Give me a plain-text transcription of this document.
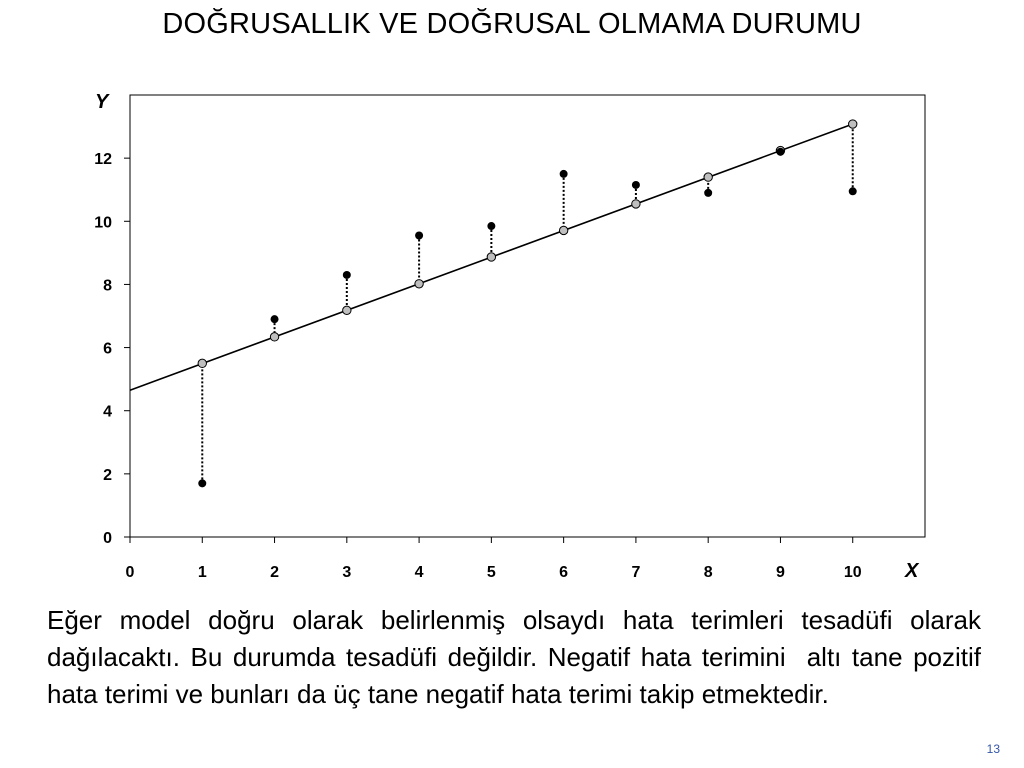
DOĞRUSALLIK VE DOĞRUSAL OLMAMA DURUMU
0	1	2	3	4	5	6	7	8	9	10
0
2
4
6
8
10
12
Y
X
Eğer model doğru olarak belirlenmiş olsaydı hata terimleri tesadüfi olarak dağılacaktı. Bu durumda tesadüfi değildir. Negatif hata terimini  altı tane pozitif hata terimi ve bunları da üç tane negatif hata terimi takip etmektedir.
13
